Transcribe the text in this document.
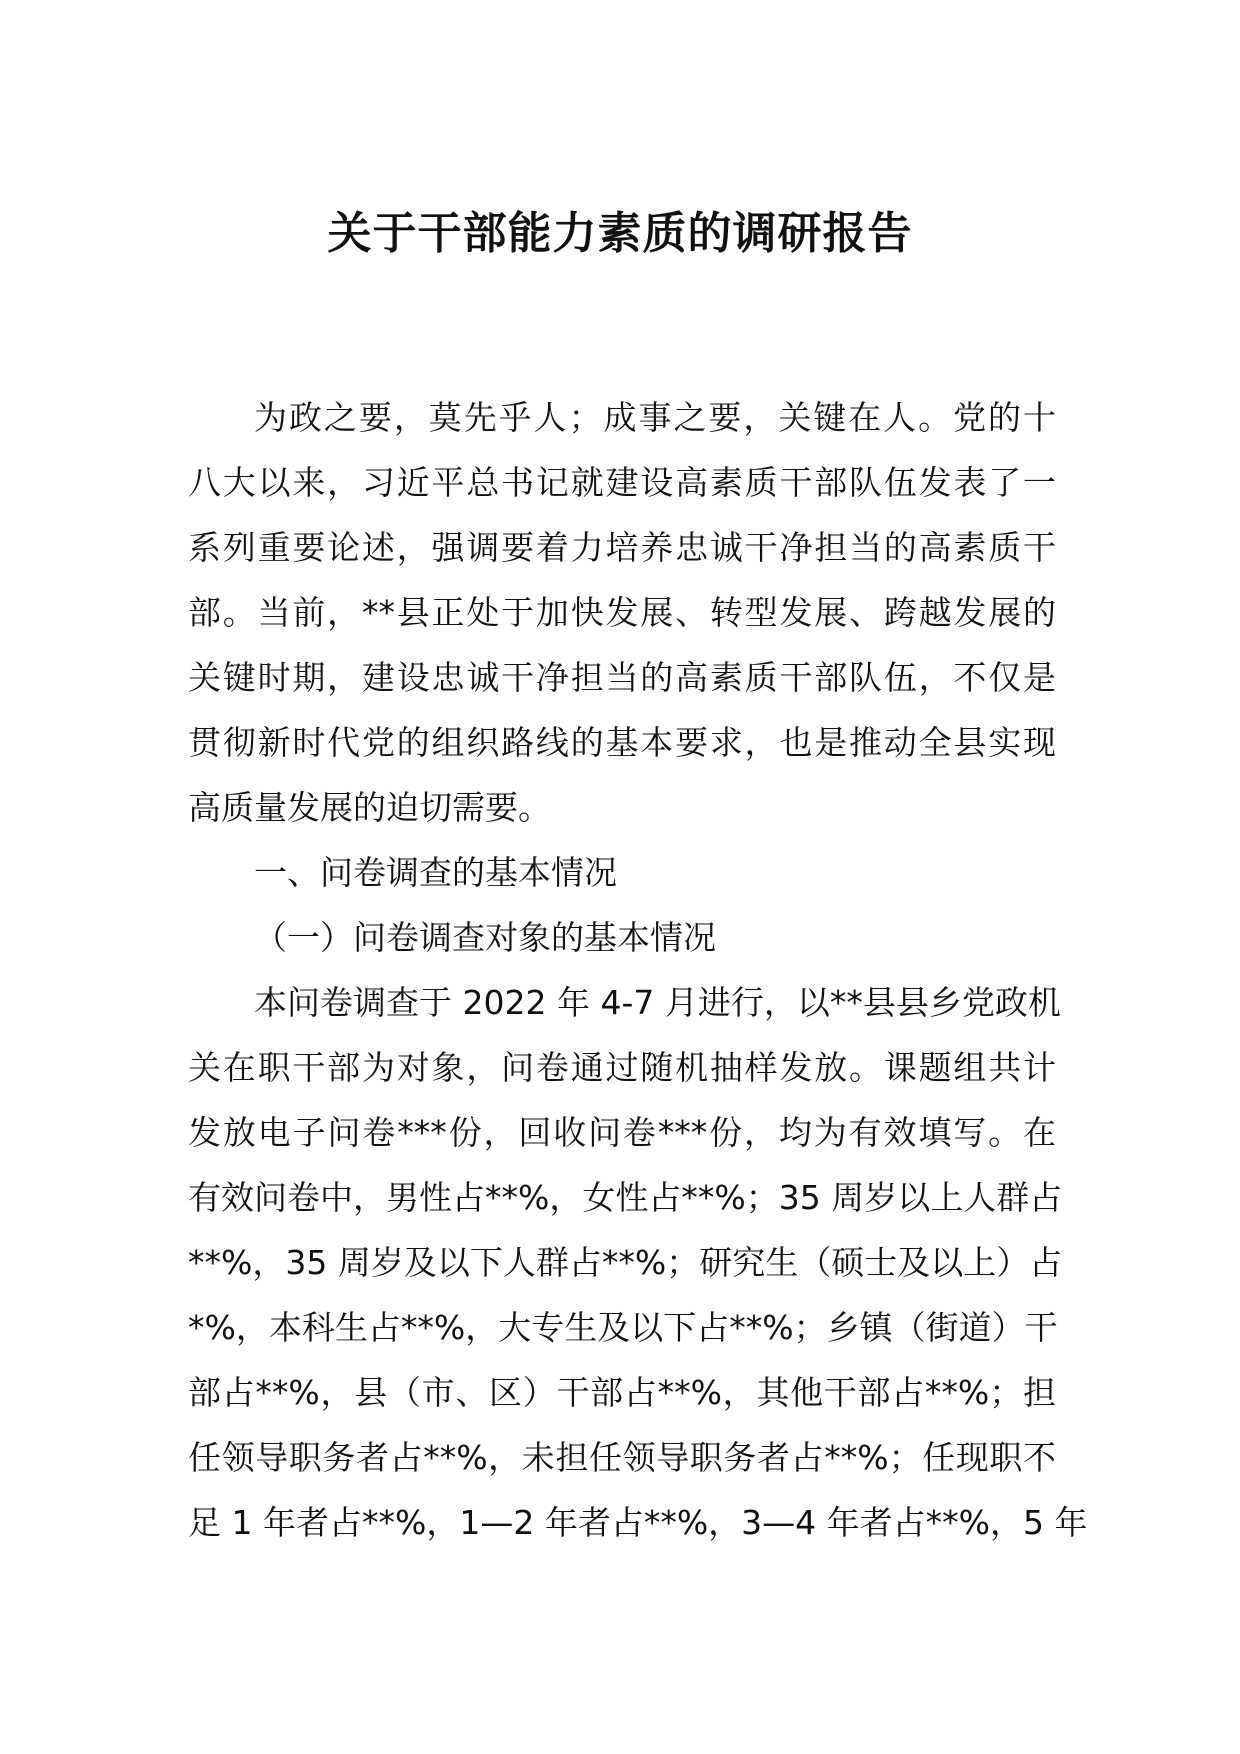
关于干部能力素质的调研报告
为政之要，莫先乎人；成事之要，关键在人。党的十
八大以来，习近平总书记就建设高素质干部队伍发表了一
系列重要论述，强调要着力培养忠诚干净担当的高素质干
部。当前，**县正处于加快发展、转型发展、跨越发展的
关键时期，建设忠诚干净担当的高素质干部队伍，不仅是
贯彻新时代党的组织路线的基本要求，也是推动全县实现
高质量发展的迫切需要。
一、问卷调查的基本情况
（一）问卷调查对象的基本情况
本问卷调查于 2022 年 4-7 月进行，以**县县乡党政机
关在职干部为对象，问卷通过随机抽样发放。课题组共计
发放电子问卷***份，回收问卷***份，均为有效填写。在
有效问卷中，男性占**%，女性占**%；35 周岁以上人群占
**%，35 周岁及以下人群占**%；研究生（硕士及以上）占
*%，本科生占**%，大专生及以下占**%；乡镇（街道）干
部占**%，县（市、区）干部占**%，其他干部占**%；担
任领导职务者占**%，未担任领导职务者占**%；任现职不
足 1 年者占**%，1—2 年者占**%，3—4 年者占**%，5 年
